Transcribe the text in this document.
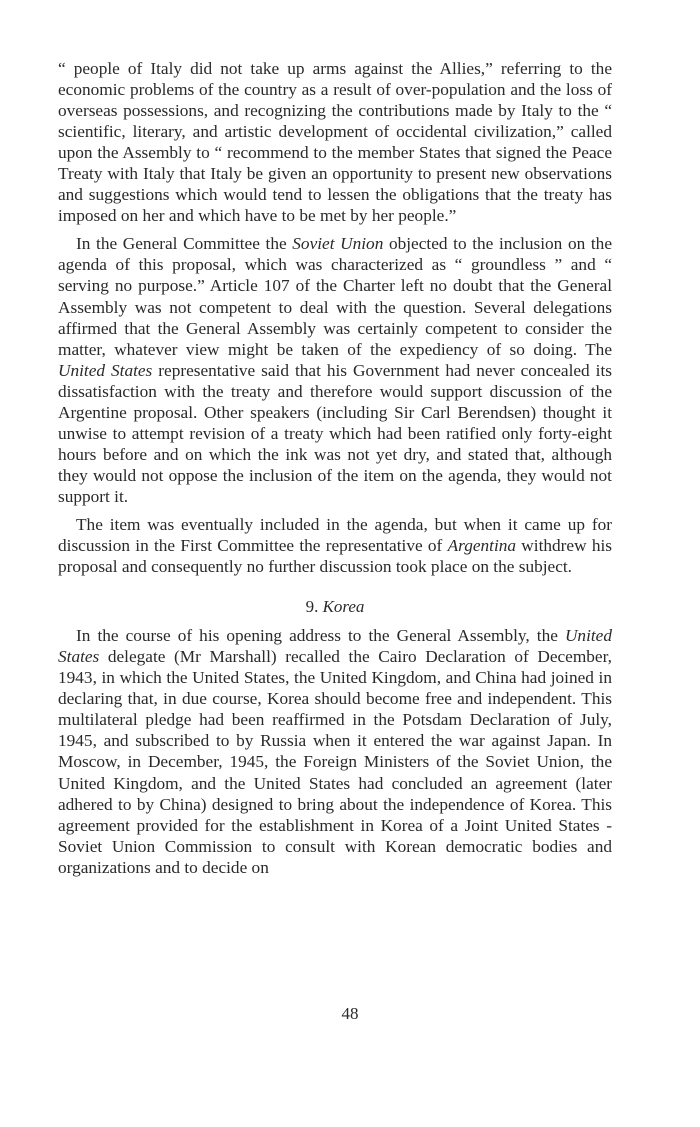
“ people of Italy did not take up arms against the Allies,” referring to the economic problems of the country as a result of over-population and the loss of overseas possessions, and recognizing the contributions made by Italy to the “ scientific, literary, and artistic development of occidental civilization,” called upon the Assembly to “ recommend to the member States that signed the Peace Treaty with Italy that Italy be given an opportunity to present new observations and suggestions which would tend to lessen the obligations that the treaty has imposed on her and which have to be met by her people.”

In the General Committee the Soviet Union objected to the inclusion on the agenda of this proposal, which was characterized as “ groundless ” and “ serving no purpose.” Article 107 of the Charter left no doubt that the General Assembly was not competent to deal with the question. Several delegations affirmed that the General Assembly was certainly competent to consider the matter, whatever view might be taken of the expediency of so doing. The United States representative said that his Government had never concealed its dissatisfaction with the treaty and therefore would support discussion of the Argentine proposal. Other speakers (including Sir Carl Berendsen) thought it unwise to attempt revision of a treaty which had been ratified only forty-eight hours before and on which the ink was not yet dry, and stated that, although they would not oppose the inclusion of the item on the agenda, they would not support it.

The item was eventually included in the agenda, but when it came up for discussion in the First Committee the representative of Argentina withdrew his proposal and consequently no further discussion took place on the subject.

9. Korea

In the course of his opening address to the General Assembly, the United States delegate (Mr Marshall) recalled the Cairo Declaration of December, 1943, in which the United States, the United Kingdom, and China had joined in declaring that, in due course, Korea should become free and independent. This multilateral pledge had been reaffirmed in the Potsdam Declaration of July, 1945, and subscribed to by Russia when it entered the war against Japan. In Moscow, in December, 1945, the Foreign Ministers of the Soviet Union, the United Kingdom, and the United States had concluded an agreement (later adhered to by China) designed to bring about the independence of Korea. This agreement provided for the establishment in Korea of a Joint United States - Soviet Union Commission to consult with Korean democratic bodies and organizations and to decide on

48
